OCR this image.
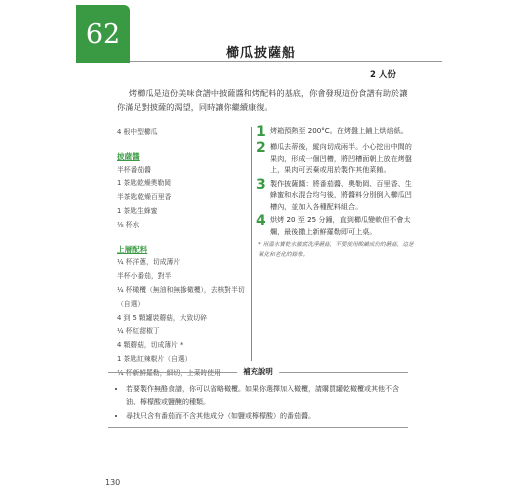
62
櫛瓜披薩船
2 人份
烤櫛瓜是這份美味食譜中披薩醬和烤配料的基底，你會發現這份食譜有助於讓你滿足對披薩的渴望，同時讓你繼續康復。
4 根中型櫛瓜
披薩醬
半杯番茄醬
1 茶匙乾燥奧勒岡
半茶匙乾燥百里香
1 茶匙生蜂蜜
⅛ 杯水
上層配料
¼ 杯洋蔥，切成薄片
半杯小番茄，對半
¼ 杯橄欖（無油和無摻橄欖），去核對半切（自選）
4 到 5 顆罐裝蘑菇，大致切碎
¼ 杯紅甜椒丁
4 顆蘑菇，切成薄片 *
1 茶匙紅辣椒片（自選）
1 烤箱預熱至 200°C。在烤盤上鋪上烘焙紙。
2 櫛瓜去蒂後，縱向切成兩半。小心挖出中間的果肉，形成一個凹槽，將凹槽面朝上放在烤盤上，果肉可丟棄或用於製作其他菜餚。
3 製作披薩醬：將番茄醬、奧勒岡、百里香、生蜂蜜和水混合均勻後，將醬料分別倒入櫛瓜凹槽內，並加入各種配料組合。
4 烘烤 20 至 25 分鐘，直到櫛瓜變軟但不會太爛，最後撒上新鮮羅勒即可上桌。
* 用溫水寶乾水激底洗淨蘑菇，不要使用酸鹼成份的蘑菇，這是氧化和老化的錄象。
補充說明
• 若要製作無酪食譜，你可以省略橄欖。如果你選擇加入橄欖，請購買罐乾橄欖或其他不含油、檸檬酸或鹽醃的種類。
• 尋找只含有番茄而不含其他成分（如鹽或檸檬酸）的番茄醬。
130
